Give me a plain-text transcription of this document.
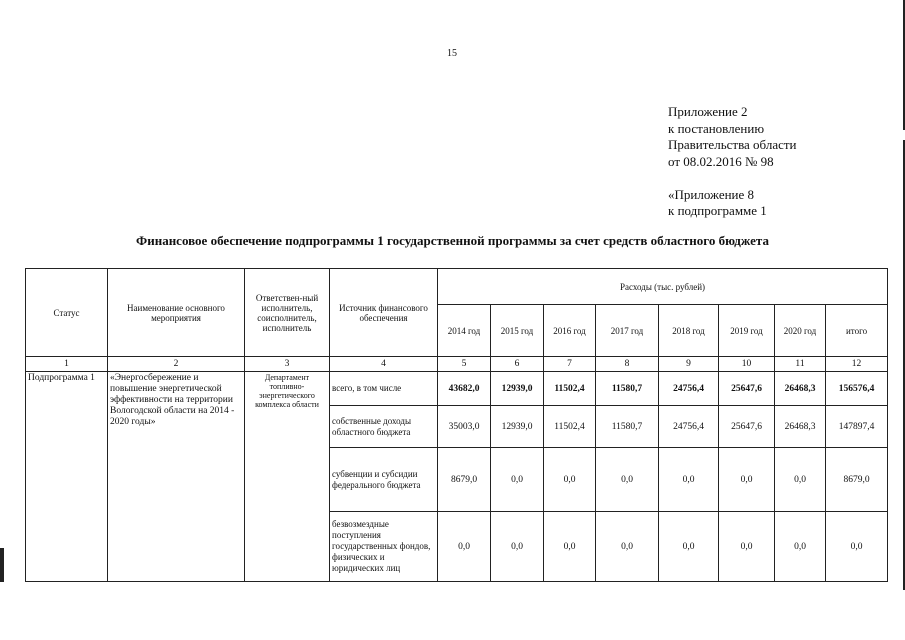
15
Приложение 2
к постановлению
Правительства области
от 08.02.2016 № 98
«Приложение 8
к подпрограмме 1
Финансовое обеспечение подпрограммы 1 государственной программы за счет средств областного бюджета
Статус	Наименование основного мероприятия	Ответствен-ный исполнитель, соисполнитель, исполнитель	Источник финансового обеспечения	Расходы (тыс. рублей)							
				2014 год	2015 год	2016 год	2017 год	2018 год	2019 год	2020 год	итого
1	2	3	4	5	6	7	8	9	10	11	12
Подпрограмма 1	«Энергосбережение и повышение энергетической эффективности на территории Вологодской области на 2014 - 2020 годы»	Департамент топливно-энергетического комплекса области	всего, в том числе	43682,0	12939,0	11502,4	11580,7	24756,4	25647,6	26468,3	156576,4
			собственные доходы областного бюджета	35003,0	12939,0	11502,4	11580,7	24756,4	25647,6	26468,3	147897,4
			субвенции и субсидии федерального бюджета	8679,0	0,0	0,0	0,0	0,0	0,0	0,0	8679,0
			безвозмездные поступления государственных фондов, физических и юридических лиц	0,0	0,0	0,0	0,0	0,0	0,0	0,0	0,0
